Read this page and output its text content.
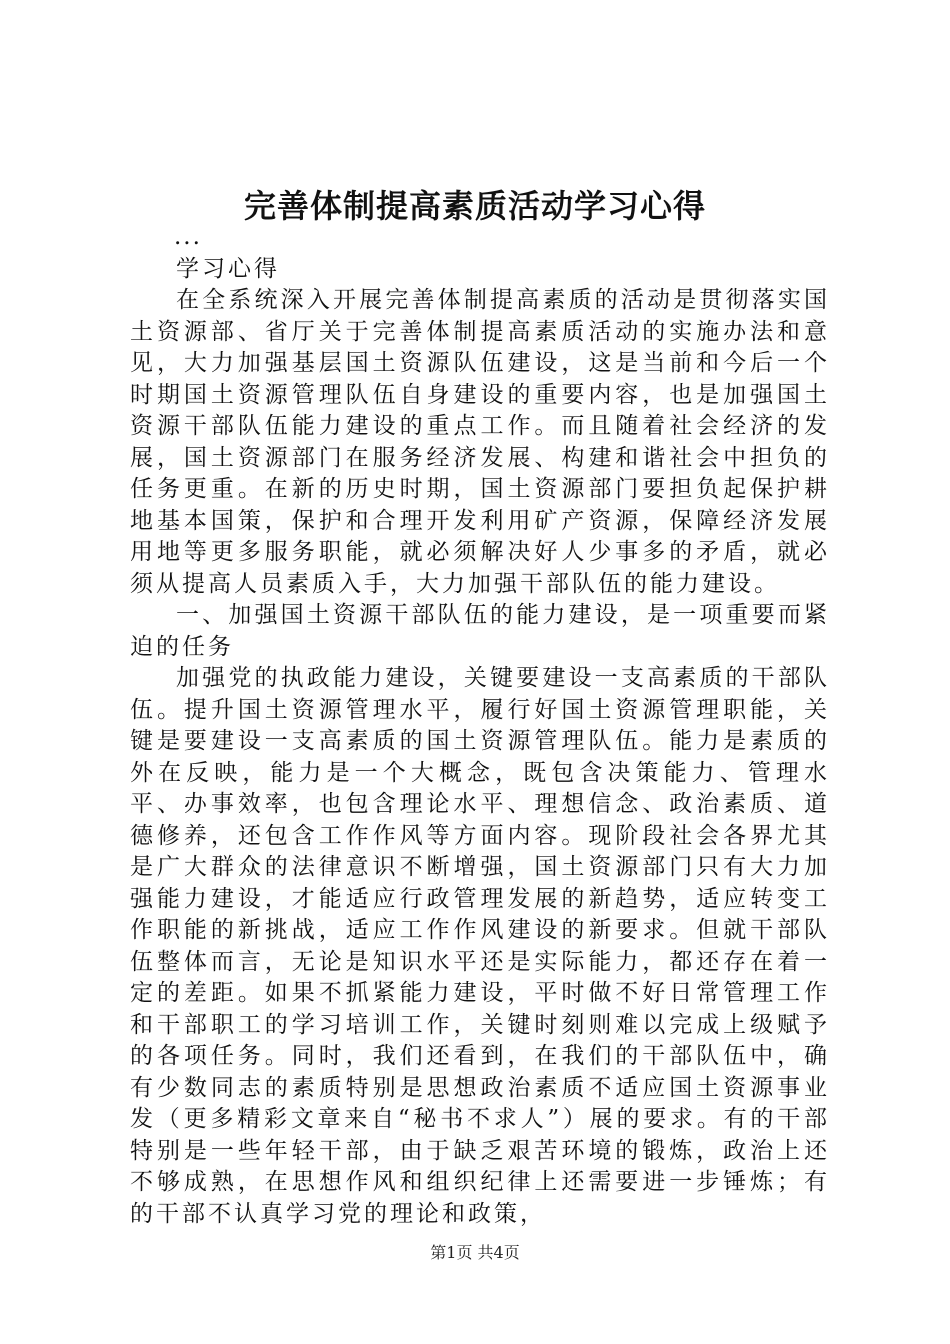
完善体制提高素质活动学习心得
...
学习心得

在全系统深入开展完善体制提高素质的活动是贯彻落实国土资源部、省厅关于完善体制提高素质活动的实施办法和意见，大力加强基层国土资源队伍建设，这是当前和今后一个时期国土资源管理队伍自身建设的重要内容，也是加强国土资源干部队伍能力建设的重点工作。而且随着社会经济的发展，国土资源部门在服务经济发展、构建和谐社会中担负的任务更重。在新的历史时期，国土资源部门要担负起保护耕地基本国策，保护和合理开发利用矿产资源，保障经济发展用地等更多服务职能，就必须解决好人少事多的矛盾，就必须从提高人员素质入手，大力加强干部队伍的能力建设。

一、加强国土资源干部队伍的能力建设，是一项重要而紧迫的任务

加强党的执政能力建设，关键要建设一支高素质的干部队伍。提升国土资源管理水平，履行好国土资源管理职能，关键是要建设一支高素质的国土资源管理队伍。能力是素质的外在反映，能力是一个大概念，既包含决策能力、管理水平、办事效率，也包含理论水平、理想信念、政治素质、道德修养，还包含工作作风等方面内容。现阶段社会各界尤其是广大群众的法律意识不断增强，国土资源部门只有大力加强能力建设，才能适应行政管理发展的新趋势，适应转变工作职能的新挑战，适应工作作风建设的新要求。但就干部队伍整体而言，无论是知识水平还是实际能力，都还存在着一定的差距。如果不抓紧能力建设，平时做不好日常管理工作和干部职工的学习培训工作，关键时刻则难以完成上级赋予的各项任务。同时，我们还看到，在我们的干部队伍中，确有少数同志的素质特别是思想政治素质不适应国土资源事业发（更多精彩文章来自“秘书不求人”）展的要求。有的干部特别是一些年轻干部，由于缺乏艰苦环境的锻炼，政治上还不够成熟，在思想作风和组织纪律上还需要进一步锤炼；有的干部不认真学习党的理论和政策，

第1页 共4页
